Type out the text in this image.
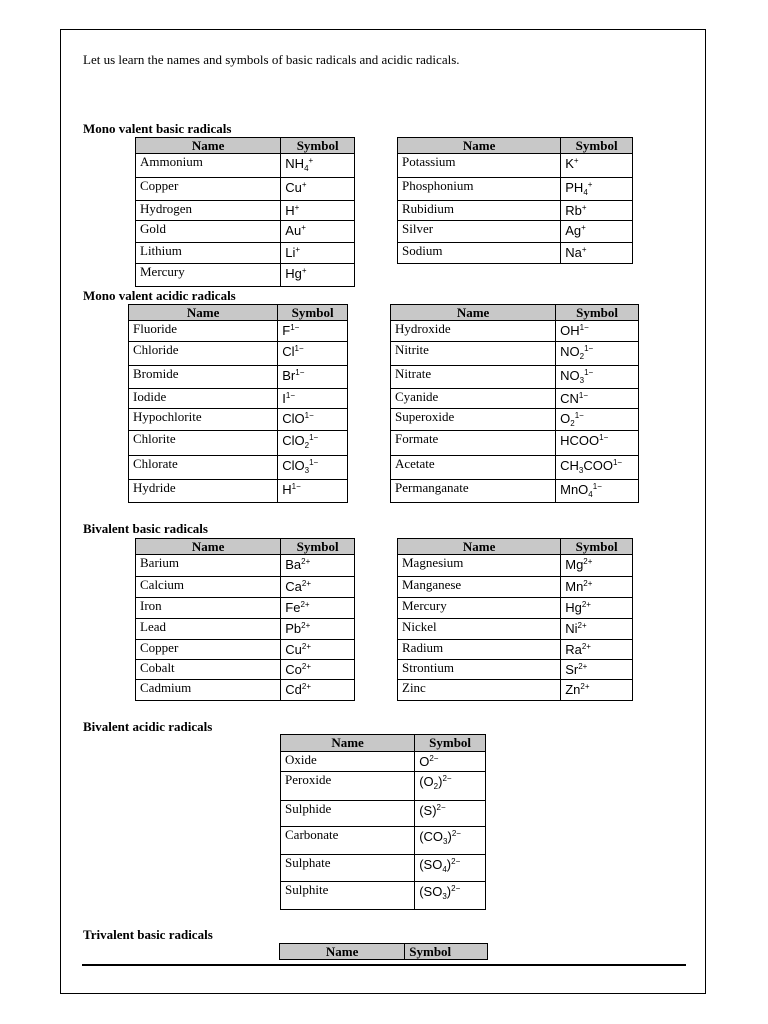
Let us learn the names and symbols of basic radicals and acidic radicals.

Mono valent basic radicals

Name	Symbol
Ammonium	$NH_4^+$
Copper	Cu+
Hydrogen	H+
Gold	Au+
Lithium	Li+
Mercury	Hg+
Name	Symbol
Potassium	K+
Phosphonium	$PH_4^+$
Rubidium	Rb+
Silver	Ag+
Sodium	Na+

Mono valent acidic radicals

Name	Symbol
Fluoride	$F^{1-}$
Chloride	$Cl^{1-}$
Bromide	$Br^{1-}$
Iodide	$I^{1-}$
Hypochlorite	ClO$^{1-}$
Chlorite	ClO$_2^{1-}$
Chlorate	ClO$_3^{1-}$
Hydride	$H^{1-}$
Name	Symbol
Hydroxide	$OH^{1-}$
Nitrite	$NO_2^{1-}$
Nitrate	$NO_3^{1-}$
Cyanide	$CN^{1-}$
Superoxide	$O_2^{1-}$
Formate	$HCOO^{1-}$
Acetate	$CH_3COO^{1-}$
Permanganate	MnO$_4^{1-}$

Bivalent basic radicals

Name	Symbol
Barium	$Ba^{2+}$
Calcium	$Ca^{2+}$
Iron	$Fe^{2+}$
Lead	$Pb^{2+}$
Copper	$Cu^{2+}$
Cobalt	$Co^{2+}$
Cadmium	$Cd^{2+}$
Name	Symbol
Magnesium	$Mg^{2+}$
Manganese	$Mn^{2+}$
Mercury	$Hg^{2+}$
Nickel	$Ni^{2+}$
Radium	$Ra^{2+}$
Strontium	$Sr^{2+}$
Zinc	$Zn^{2+}$

Bivalent acidic radicals

Name	Symbol
Oxide	$O^{2-}$
Peroxide	$(O_2)^{2-}$
Sulphide	$(S)^{2-}$
Carbonate	$(CO_3)^{2-}$
Sulphate	$(SO_4)^{2-}$
Sulphite	$(SO_3)^{2-}$

Trivalent basic radicals

Name	Symbol
